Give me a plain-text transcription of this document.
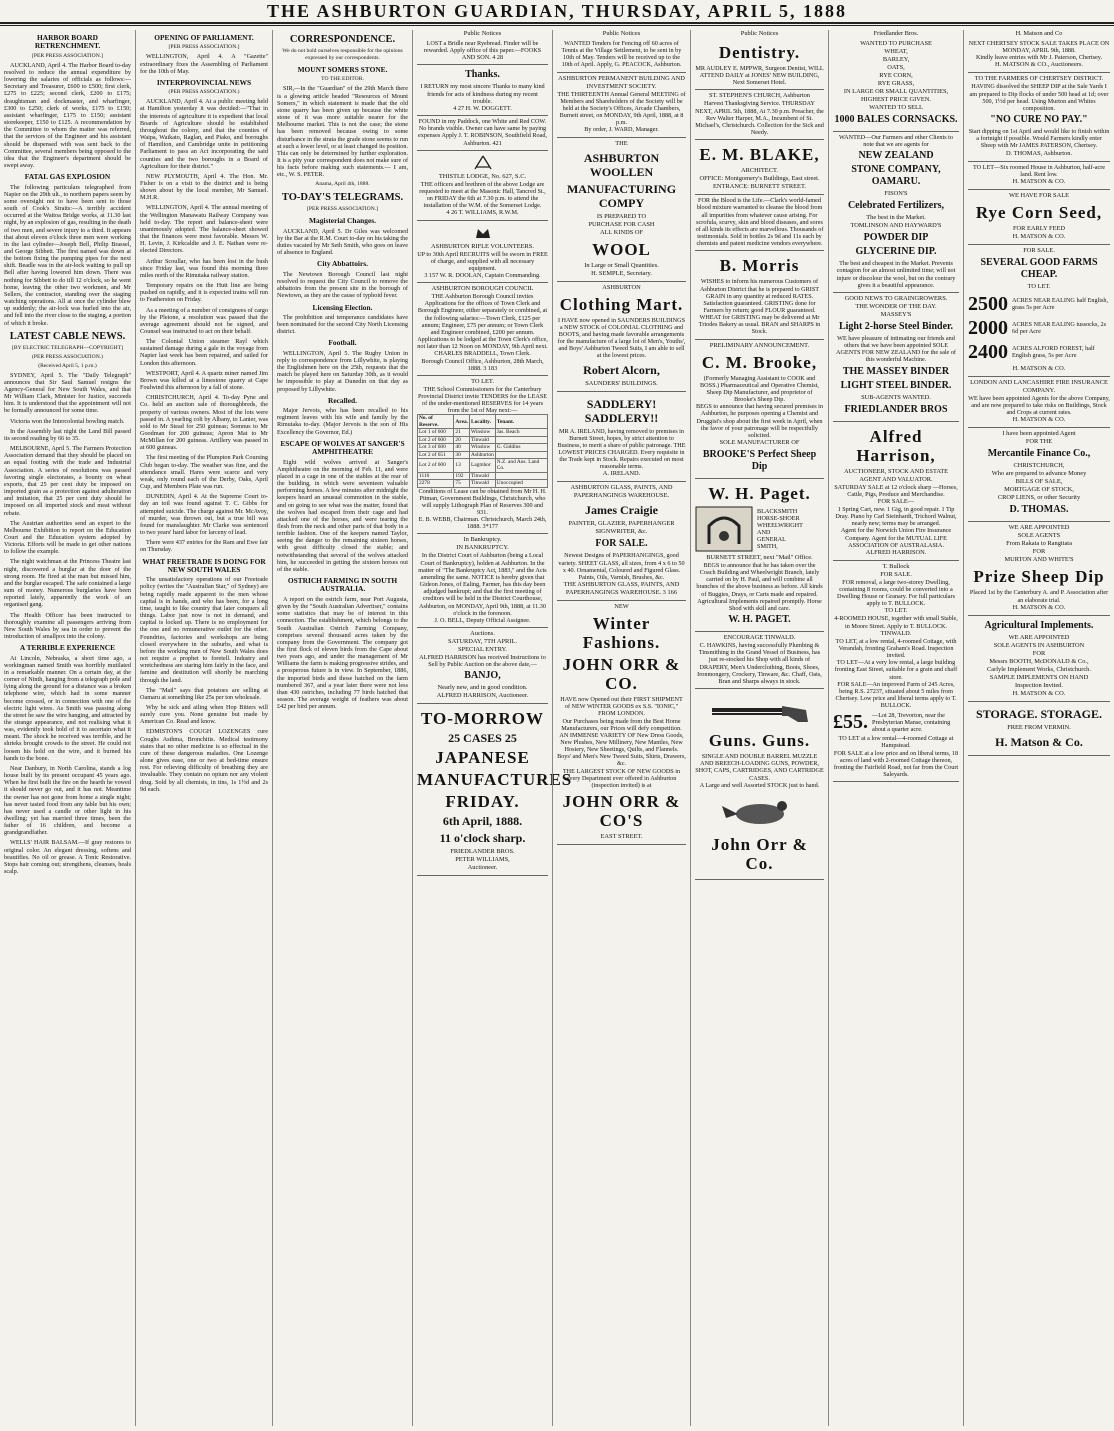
THE ASHBURTON GUARDIAN, THURSDAY, APRIL 5, 1888
HARBOR BOARD RETRENCHMENT.
[PER PRESS ASSOCIATION.]

AUCKLAND, April 4. The Harbor Board to-day resolved to reduce the annual expenditure by lowering the salaries of officials as follows:— Secretary and Treasurer, £600 to £500; first clerk, £275 to £225; second clerk, £200 to £175; draughtsman and dockmaster, and wharfinger, £300 to £250; clerk of works, £175 to £150; assistant wharfinger, £175 to £150; assistant storekeeper, £150 to £125. A recommendation by the Committee to whom the matter was referred, that the services of the Engineer and his assistant should be dispensed with was sent back to the Committee, several members being opposed to the idea that the Engineer's department should be swept away.

FATAL GAS EXPLOSION

The following particulars telegraphed from Napier on the 29th ult., to northern papers seem by some oversight not to have been sent to those south of Cook's Straits:—A terribly accident occurred at the Waitoa Bridge works, at 11.30 last night, by an explosion of gas, resulting in the death of two men, and severe injury to a third. It appears that about eleven o'clock three men were working in the last cylinder—Joseph Bell, Philip Brassel, and George Sibbett. The first named was down at the bottom fixing the pumping pipes for the next shift. Beadle was in the air-lock waiting to pull up Bell after having lowered him down. There was nothing for Sibbett to do till 12 o'clock, so he went home, leaving the other two workmen, and Mr Sellers, the contractor, standing over the staging watching operations. All at once the cylinder blew up suddenly; the air-lock was hurled into the air, and fell into the river close to the staging, a portion of which it broke.

LATEST CABLE NEWS.
[BY ELECTRIC TELEGRAPH—COPYRIGHT]
(PER PRESS ASSOCIATION.)
(Received April 5, 1 p.m.)

SYDNEY, April 5. The "Daily Telegraph" announces that Sir Saul Samuel resigns the Agency-General for New South Wales, and that Mr William Clark, Minister for Justice, succeeds him. It is understood that the appointment will not be formally announced for some time.

Victoria won the Intercolonial bowling match.

In the Assembly last night the Land Bill passed its second reading by 66 to 35.

MELBOURNE, April 5. The Farmers Protection Association demand that they should be placed on an equal footing with the trade and Industrial Association. A series of resolutions was passed favoring single electorates, a bounty on wheat exports, that 25 per cent duty be imposed on imported grain as a protection against adulteration and imitation, that 25 per cent duty should be imposed on all imported stock and meat without rebate.

The Austrian authorities send an expert to the Melbourne Exhibition to report on the Education Court and the Education system adopted by Victoria. Efforts will be made to get other nations to follow the example.

The night watchman at the Princess Theatre last night, discovered a burglar at the door of the strong room. He fired at the man but missed him, and the burglar escaped. The safe contained a large sum of money. Numerous burglaries have been reported lately, apparently the work of an organised gang.

The Health Officer has been instructed to thoroughly examine all passengers arriving from New South Wales by sea in order to prevent the introduction of smallpox into the colony.

A TERRIBLE EXPERIENCE

At Lincoln, Nebraska, a short time ago, a workingman named Smith was horribly mutilated in a remarkable manner. On a certain day, at the corner of Ninth, hanging from a telegraph pole and lying along the ground for a distance was a broken telephone wire, which had in some manner become crossed, or in connection with one of the electric light wires. As Smith was passing along the street he saw the wire hanging, and attracted by the strange appearance, and not realising what it was, evidently took hold of it to ascertain what it meant. The shock he received was terrible, and he shrieks brought crowds to the street. He could not loosen his hold on the wire, and it burned his hands to the bone.

Near Danbury, in North Carolina, stands a log house built by its present occupant 45 years ago. When he first built the fire on the hearth he vowed it should never go out, and it has not. Meantime the owner has not gone from home a single night; has never tasted food from any table but his own; has never used a candle or other light in his dwelling; yet has married three times, been the father of 16 children, and become a grandgrandfather.

WELLS' HAIR BALSAM.—If gray restores to original color. An elegant dressing, softens and beautifies. No oil or grease. A Tonic Restorative. Stops hair coming out; strengthens, cleanses, heals scalp.

OPENING OF PARLIAMENT.
[PER PRESS ASSOCIATION.]

WELLINGTON, April 4. A "Gazette" extraordinary fixes the Assembling of Parliament for the 10th of May.

INTERPROVINCIAL NEWS
(PER PRESS ASSOCIATION.)

AUCKLAND, April 4. At a public meeting held at Hamilton yesterday it was decided:—"That in the interests of agriculture it is expedient that local Boards of Agriculture should be established throughout the colony, and that the counties of Waipa, Waikato, Raglan, and Piako, and boroughs of Hamilton, and Cambridge unite in petitioning Parliament to pass an Act incorporating the said counties and the two boroughs in a Board of Agriculture for their district."

NEW PLYMOUTH, April 4. The Hon. Mr. Fisher is on a visit to the district and is being shown about by the local member, Mr Samuel. M.H.R.

WELLINGTON, April 4. The annual meeting of the Wellington Manawatu Railway Company was held to-day. The report and balance-sheet were unanimously adopted. The balance-sheet showed that the finances were most favorable. Messrs W. H. Levin, J. Kirkcaldie and J. E. Nathan were re-elected Directors.

Arthur Scoullar, who has been lost in the bush since Friday last, was found this morning three miles north of the Rimutaka railway station.

Temporary repairs on the Hutt line are being pushed on rapidly, and it is expected trains will run to Featherston on Friday.

As a meeting of a number of consignees of cargo by the Pleione, a resolution was passed that the average agreement should not be signed, and Counsel was instructed to act on their behalf.

The Colonial Union steamer Rayl which sustained damage during a gale in the voyage from Napier last week has been repaired, and sailed for London this afternoon.

WESTPORT, April 4. A quartz miner named Jim Brown was killed at a limestone quarry at Cape Foulwind this afternoon by a fall of stone.

CHRISTCHURCH, April 4. To-day Pyne and Co. held an auction sale of thoroughbreds, the property of various owners. Most of the lots were passed in. A yearling colt by Albany, to Lanier, was sold to Mr Stead for 250 guineas; Somnus to Mr Goodman for 200 guineas; Apron Mat to Mr McMillan for 200 guineas. Artillery was passed in at 600 guineas.

The first meeting of the Plumpton Park Coursing Club began to-day. The weather was fine, and the attendance small. Hares were scarce and very weak, only round each of the Derby, Oaks, April Cup, and Members Plate was run.

DUNEDIN, April 4. At the Supreme Court to-day an toil was found against T. C. Gibbs for attempted suicide. The charge against Mr. McAvoy, of murder, was thrown out, but a true bill was found for manslaughter. Mr Clarke was sentenced to two years' hard labor for larceny of lead.

There were 437 entries for the Ram and Ewe fair on Thursday.

WHAT FREETRADE IS DOING FOR NEW SOUTH WALES

The unsatisfactory operations of our Freetrade policy (writes the "Australian Star," of Sydney) are being rapidly made apparent to the men whose capital is in hands, and who has been, for a long time, taught to like country that later conquers all things. Labor just now is not in demand, and capital is locked up. There is no employment for the one and no remunerative outlet for the other. Foundries, factories and workshops are being closed everywhere in the suburbs, and what is before the working men of New South Wales does not require a prophet to foretell. Industry and wretchedness are staring him fairly in the face, and famine and destitution will shortly be marching through the land.

The "Mail" says that potatoes are selling at Oamaru at something like 25s per ton wholesale.

Why be sick and ailing when Hop Bitters will surely cure you. None genuine but made by American Co. Read and know.

EDMISTON'S COUGH LOZENGES cure Coughs Asthma, Bronchitis. Medical testimony states that no other medicine is so effectual in the cure of these dangerous maladies. One Lozenge alone gives ease, one or two at bed-time ensure rest. For relieving difficulty of breathing they are invaluable. They contain no opium nor any violent drug. Sold by all chemists, in tins, 1s 1½d and 2s 9d each.

CORRESPONDENCE.
We do not hold ourselves responsible for the opinions expressed by our correspondents.
MOUNT SOMERS STONE.
TO THE EDITOR.

SIR,—In the "Guardian" of the 29th March there is a glowing article headed "Resources of Mount Somers," in which statement is made that the old stone quarry has been given up because the white stone of it was more suitable nearer for the Melbourne market. This is not the case; the stone has been removed because owing to some disturbance in the strata the grade stone seems to run at such a lower level, or at least changed its position. This can only be determined by further exploration. It is a pity your correspondent does not make sure of his facts before making such statements.— I am, etc., W. S. PETER.

Anama, April 4th, 1888.
TO-DAY'S TELEGRAMS.
[PER PRESS ASSOCIATION.]
Magisterial Changes.

AUCKLAND, April 5. Dr Giles was welcomed by the Bar at the R.M. Court to-day on his taking the duties vacated by Mr Seth Smith, who goes on leave of absence to England.

City Abbattoirs.

The Newtown Borough Council last night resolved to request the City Council to remove the abbattoirs from the present site in the borough of Newtown, as they are the cause of typhoid fever.

Licensing Election.

The prohibition and temperance candidates have been nominated for the second City North Licensing district.

Football.

WELLINGTON, April 5. The Rugby Union in reply to correspondence from Lillywhite, is playing the Englishmen here on the 25th, requests that the match be played here on Saturday 30th, as it would be impossible to play at Dunedin on that day as proposed by Lillywhite.

Recalled.

Major Jervois, who has been recalled to his regiment leaves with his wife and family by the Rimutaka to-day. (Major Jervois is the son of His Excellency the Governor, Ed.)

ESCAPE OF WOLVES AT SANGER'S AMPHITHEATRE

Eight wild wolves arrived at Sanger's Amphitheatre on the morning of Feb. 11, and were placed in a cage in one of the stables at the rear of the building, in which were seventeen valuable performing horses. A few minutes after midnight the keepers heard an unusual commotion in the stable, and on going to see what was the matter, found that the wolves had escaped from their cage and had attacked one of the horses, and were tearing the flesh from the neck and other parts of that body in a terrible fashion. One of the keepers named Taylor, seeing the danger to the remaining sixteen horses, with great difficulty closed the stable; and notwithstanding that several of the wolves attacked him, he succeeded in getting the sixteen horses out of the stable.

OSTRICH FARMING IN SOUTH AUSTRALIA.

A report on the ostrich farm, near Port Augusta, given by the "South Australian Advertiser," contains some statistics that may be of interest in this connection. The establishment, which belongs to the South Australian Ostrich Farming Company, comprises several thousand acres taken by the company from the Government. The company got the first flock of eleven birds from the Cape about two years ago, and under the management of Mr Williams the farm is making progressive strides, and a prosperous future is in view. In September, 1886, the imported birds and those hatched on the farm numbered 367, and a year later there were not less than 430 ostriches, including 77 birds hatched that season. The average weight of feathers was about £42 per bird per annum.

Public Notices
LOST a Bridle near Ryebread. Finder will be rewarded. Apply office of this paper.—FOOKS AND SON. 4 28
Thanks.
I RETURN my most sincere Thanks to many kind friends for acts of kindness during my recent trouble.
4 27 H. W. DOGGETT.
FOUND in my Paddock, one White and Red COW. No brands visible. Owner can have same by paying expenses Apply J. T. ROBINSON, Southfield Road, Ashburton. 421
THISTLE LODGE, No. 627, S.C.
THE officers and brethren of the above Lodge are requested to meet at the Masonic Hall, Tancred St., on FRIDAY the 6th at 7.30 p.m. to attend the installation of the W.M. of the Somerset Lodge.
4 26 T. WILLIAMS, R.W.M.
ASHBURTON RIFLE VOLUNTEERS.
UP to 30th April RECRUITS will be sworn in FREE of charge, and supplied with all necessary equipment.
3 157 W. R. DOOLAN, Captain Commanding.
ASHBURTON BOROUGH COUNCIL
THE Ashburton Borough Council invites Applications for the offices of Town Clerk and Borough Engineer, either separately or combined, at the following salaries:—Town Clerk, £125 per annum; Engineer, £75 per annum; or Town Clerk and Engineer combined, £200 per annum. Applications to be lodged at the Town Clerk's office, not later than 12 Noon on MONDAY, 9th April next.
CHARLES BRADDELL, Town Clerk.
Borough Council Office, Ashburton, 28th March, 1888. 3 183
TO LET.
THE School Commissioners for the Canterbury Provincial District invite TENDERS for the LEASE of the under-mentioned RESERVES for 14 years from the 1st of May next:—
No. of Reserve.	Area.	Locality.	Tenant.
Lot 1 of 600	21	Winslow	Jas. Beach
Lot 2 of 600	20	Tinwald	
Lot 3 of 600	40	Winslow	G. Giddins
Lot 2 of 651	30	Ashburton	
Lot 2 of 600	13	Lagmhor	N.Z. and Aus. Land Co.
1116	192	Tinwald	
2278	75	Tinwald	Unoccupied
Conditions of Lease can be obtained from Mr H. H. Pitman, Government Buildings, Christchurch, who will supply Lithograph Plan of Reserves 300 and 931.
E. B. WEBB, Chairman. Christchurch, March 24th, 1888. 3*177
In Bankruptcy.
IN BANKRUPTCY.
In the District Court of Ashburton (being a Local Court of Bankruptcy), holden at Ashburton. In the matter of "The Bankruptcy Act, 1883," and the Acts amending the same. NOTICE is hereby given that Gideon Jones, of Ealing, Farmer, has this day been adjudged bankrupt; and that the first meeting of creditors will be held in the District Courthouse, Ashburton, on MONDAY, April 9th, 1888, at 11.30 o'clock in the forenoon.
J. O. BELL, Deputy Official Assignee.
Auctions.
SATURDAY, 7TH APRIL.
SPECIAL ENTRY.
ALFRED HARRISON has received Instructions to Sell by Public Auction on the above date,—
BANJO,
Nearly new, and in good condition.
ALFRED HARRISON, Auctioneer.
TO-MORROW
25 CASES 25
JAPANESE
MANUFACTURES
FRIDAY.
6th April, 1888.
11 o'clock sharp.
FRIEDLANDER BROS.
PETER WILLIAMS,
Auctioneer.
Public Notices
WANTED Tenders for Fencing off 60 acres of Tennis at the Village Settlement, to be sent in by 10th of May. Tenders will be received up to the 10th of April. Apply, G. PEACOCK, Ashburton.
ASHBURTON PERMANENT BUILDING AND INVESTMENT SOCIETY.
THE THIRTEENTH Annual General MEETING of Members and Shareholders of the Society will be held at the Society's Offices, Arcade Chambers, Burnett street, on MONDAY, 9th April, 1888, at 8 p.m.
By order, J. WARD, Manager.
THE
ASHBURTON WOOLLEN
MANUFACTURING COMPY
IS PREPARED TO
PURCHASE FOR CASH
ALL KINDS OF
WOOL
In Large or Small Quantities.
H. SEMPLE, Secretary.
ASHBURTON
Clothing Mart.
I HAVE now opened in SAUNDERS BUILDINGS a NEW STOCK of COLONIAL CLOTHING and BOOTS, and having made favorable arrangements for the manufacture of a large lot of Men's, Youths', and Boys' Ashburton Tweed Suits, I am able to sell at the lowest prices.
Robert Alcorn,
SAUNDERS' BUILDINGS.
SADDLERY! SADDLERY!!
MR A. IRELAND, having removed to premises in Burnett Street, hopes, by strict attention to Business, to merit a share of public patronage. THE LOWEST PRICES CHARGED. Every requisite in the Trade kept in Stock. Repairs executed on most reasonable terms.
A. IRELAND.
ASHBURTON GLASS, PAINTS, AND PAPERHANGINGS WAREHOUSE.
James Craigie
PAINTER, GLAZIER, PAPERHANGER SIGNWRITER, &c.
FOR SALE.
Newest Designs of PAPERHANGINGS, good variety. SHEET GLASS, all sizes, from 4 x 6 to 50 x 40. Ornamental, Coloured and Figured Glass. Paints, Oils, Varnish, Brushes, &c.
THE ASHBURTON GLASS, PAINTS, AND PAPERHANGINGS WAREHOUSE. 3 166
NEW
Winter Fashions.
JOHN ORR & CO.
HAVE now Opened out their FIRST SHIPMENT of NEW WINTER GOODS ex S.S. "IONIC," FROM LONDON.
Our Purchases being made from the Best Home Manufacturers, our Prices will defy competition.
AN IMMENSE VARIETY OF New Dress Goods, New Plushes, New Millinery, New Mantles, New Hosiery, New Sheetings, Quilts, and Flannels.
Boys' and Men's New Tweed Suits, Shirts, Drawers, &c.
THE LARGEST STOCK OF NEW GOODS in every Department ever offered in Ashburton (inspection invited) is at
JOHN ORR & CO'S
EAST STREET.
Public Notices
Dentistry.
MR AUDLEY E. MPPWR, Surgeon Dentist, WILL ATTEND DAILY at JONES' NEW BUILDING, Next Somerset Hotel.
ST. STEPHEN'S CHURCH, Ashburton
Harvest Thanksgiving Service. THURSDAY NEXT, APRIL 5th, 1888, At 7.30 p.m. Preacher, the Rev Walter Harper, M.A., Incumbent of St. Michael's, Christchurch. Collection for the Sick and Needy.
E. M. BLAKE,
ARCHITECT.
OFFICE: Montgomery's Buildings, East street. ENTRANCE: BURNETT STREET.
FOR the Blood is the Life.—Clark's world-famed blood mixture warranted to cleanse the blood from all impurities from whatever cause arising. For scrofula, scurvy, skin and blood diseases, and sores of all kinds its effects are marvellous. Thousands of testimonials. Sold in bottles 2s 9d and 11s each by chemists and patent medicine vendors everywhere.
B. Morris
WISHES to inform his numerous Customers of Ashburton District that he is prepared to GRIST GRAIN in any quantity at reduced RATES. Satisfaction guaranteed. GRISTING done for Farmers by return; good FLOUR guaranteed. WHEAT for GRISTING may be delivered at Mr Triodes Bakery as usual. BRAN and SHARPS in Stock.
PRELIMINARY ANNOUNCEMENT.
C. M. Brooke,
(Formerly Managing Assistant to COOK and BOSS.) Pharmaceutical and Operative Chemist, Sheep Dip Manufacturer, and proprietor of Brooke's Sheep Dip.
BEGS to announce that having secured premises in Ashburton, he purposes opening a Chemist and Druggist's shop about the first week in April, when the favor of your patronage will be respectfully solicited.
SOLE MANUFACTURER OF
BROOKE'S Perfect Sheep Dip
W. H. Paget.
BLACKSMITH
HORSE-SHOER
WHEELWRIGHT
AND
GENERAL
SMITH,
BURNETT STREET, next "Mail" Office.
BEGS to announce that he has taken over the Coach Building and Wheelwright Branch, lately carried on by H. Paul, and will combine all branches of the above business as before. All kinds of Buggies, Drays, or Carts made and repaired. Agricultural Implements repaired promptly. Horse Shod with skill and care.
W. H. PAGET.
ENCOURAGE TINWALD.
C. HAWKINS, having successfully Plumbing & Tinsmithing in the Grand Vessel of Business, has just re-stocked his Shop with all kinds of DRAPERY, Men's Underclothing, Boots, Shoes, Ironmongery, Crockery, Tinware, &c. Chaff, Oats, Bran and Sharps always in stock.
Guns. Guns.
SINGLE AND DOUBLE BARREL MUZZLE AND BREECH-LOADING GUNS, POWDER, SHOT, CAPS, CARTRIDGES, AND CARTRIDGE CASES.
A Large and well Assorted STOCK just to hand.
John Orr & Co.
Friedlander Bros.
WANTED TO PURCHASE
WHEAT,
BARLEY,
OATS,
RYE CORN,
RYE GRASS,
IN LARGE OR SMALL QUANTITIES,
HIGHEST PRICE GIVEN.
WANTED TO SELL
1000 BALES CORNSACKS.
WANTED—Our Farmers and other Clients to note that we are agents for
NEW ZEALAND
STONE COMPANY, OAMARU.
FISON'S
Celebrated Fertilizers,
The best in the Market.
TOMLINSON AND HAYWARD'S
POWDER DIP
GLYCERINE DIP.
The best and cheapest in the Market. Prevents contagion for an almost unlimited time; will not injure or discolour the wool, but on the contrary gives it a beautiful appearance.
GOOD NEWS TO GRAINGROWERS.
THE WONDER OF THE DAY.
MASSEY'S
Light 2-horse Steel Binder.
WE have pleasure of intimating our friends and others that we have been appointed SOLE AGENTS FOR NEW ZEALAND for the sale of this wonderful Machine.
THE MASSEY BINDER
LIGHT STEEL BINDER.
SUB-AGENTS WANTED.
FRIEDLANDER BROS
Alfred Harrison,
AUCTIONEER, STOCK AND ESTATE AGENT AND VALUATOR.
SATURDAY SALE at 12 o'clock sharp —Horses, Cattle, Pigs, Produce and Merchandise.
FOR SALE—
1 Spring Cart, new. 1 Gig, in good repair. 1 Tip Dray. Piano by Carl Steinhardt, Trichord Walnut, nearly new; terms may be arranged.
Agent for the Norwich Union Fire Insurance Company. Agent for the MUTUAL LIFE ASSOCIATION OF AUSTRALASIA.
ALFRED HARRISON.
T. Bullock
FOR SALE.
FOR removal, a large two-storey Dwelling, containing 8 rooms, could be converted into a Dwelling House or Granary. For full particulars apply to T. BULLOCK.
TO LET.
4-ROOMED HOUSE, together with small Stable, in Moore Street. Apply to T. BULLOCK.
TINWALD.
TO LET, at a low rental, 4-roomed Cottage, with Verandah, fronting Graham's Road. Inspection invited.
TO LET—At a very low rental, a large building fronting East Street, suitable for a grain and chaff store.
FOR SALE—An improved Farm of 245 Acres, being R.S. 27237, situated about 5 miles from Chertsey. Low price and liberal terms apply to T. BULLOCK.
£55. —Lot 28, Trevorton, near the Presbyterian Manse, containing about a quarter acre.
TO LET at a low rental—4-roomed Cottage at Hampstead.
FOR SALE at a low price and on liberal terms, 18 acres of land with 2-roomed Cottage thereon, fronting the Fairfield Road, not far from the Court Saleyards.
H. Matson and Co
NEXT CHERTSEY STOCK SALE TAKES PLACE ON MONDAY, APRIL 9th, 1888.
Kindly leave entries with Mr J. Paterson, Chertsey.
H. MATSON & CO., Auctioneers.
TO THE FARMERS OF CHERTSEY DISTRICT.
HAVING dissolved the SHEEP DIP at the Sale Yards I am prepared to Dip flocks of under 500 head at 1d; over 500, 1½d per head. Using Murton and Whites composition.
"NO CURE NO PAY."
Start dipping on 1st April and would like to finish within a fortnight if possible. Would Farmers kindly enter Sheep with Mr JAMES PATERSON, Chertsey.
D. THOMAS, Ashburton.
TO LET—Six roomed House in Ashburton, half-acre land. Rent low.
H. MATSON & CO.
WE HAVE FOR SALE
Rye Corn Seed,
FOR EARLY FEED
H. MATSON & CO.
FOR SALE.
SEVERAL GOOD FARMS CHEAP.
TO LET.
2500 ACRES NEAR EALING half English, grass 5s per Acre
2000 ACRES NEAR EALING tussocks, 2s 6d per Acre
2400 ACRES ALFORD FOREST, half English grass, 5s per Acre
H. MATSON & CO.
LONDON AND LANCASHIRE FIRE INSURANCE COMPANY.
WE have been appointed Agents for the above Company, and are now prepared to take risks on Buildings, Stock and Crops at current rates.
H. MATSON & CO.
I have been appointed Agent
FOR THE
Mercantile Finance Co.,
CHRISTCHURCH,
Who are prepared to advance Money
BILLS OF SALE,
MORTGAGE OF STOCK,
CROP LIENS, or other Security
D. THOMAS.
WE ARE APPOINTED
SOLE AGENTS
From Rakaia to Rangitata
FOR
MURTON AND WHITE'S
Prize Sheep Dip
Placed 1st by the Canterbury A. and P. Association after an elaborate trial.
H. MATSON & CO.
Agricultural Implements.
WE ARE APPOINTED
SOLE AGENTS IN ASHBURTON
FOR
Messrs BOOTH, McDONALD & Co.,
Carlyle Implement Works, Christchurch.
SAMPLE IMPLEMENTS ON HAND
Inspection Invited.
H. MATSON & CO.
STORAGE. STORAGE.
FREE FROM VERMIN.
H. Matson & Co.
